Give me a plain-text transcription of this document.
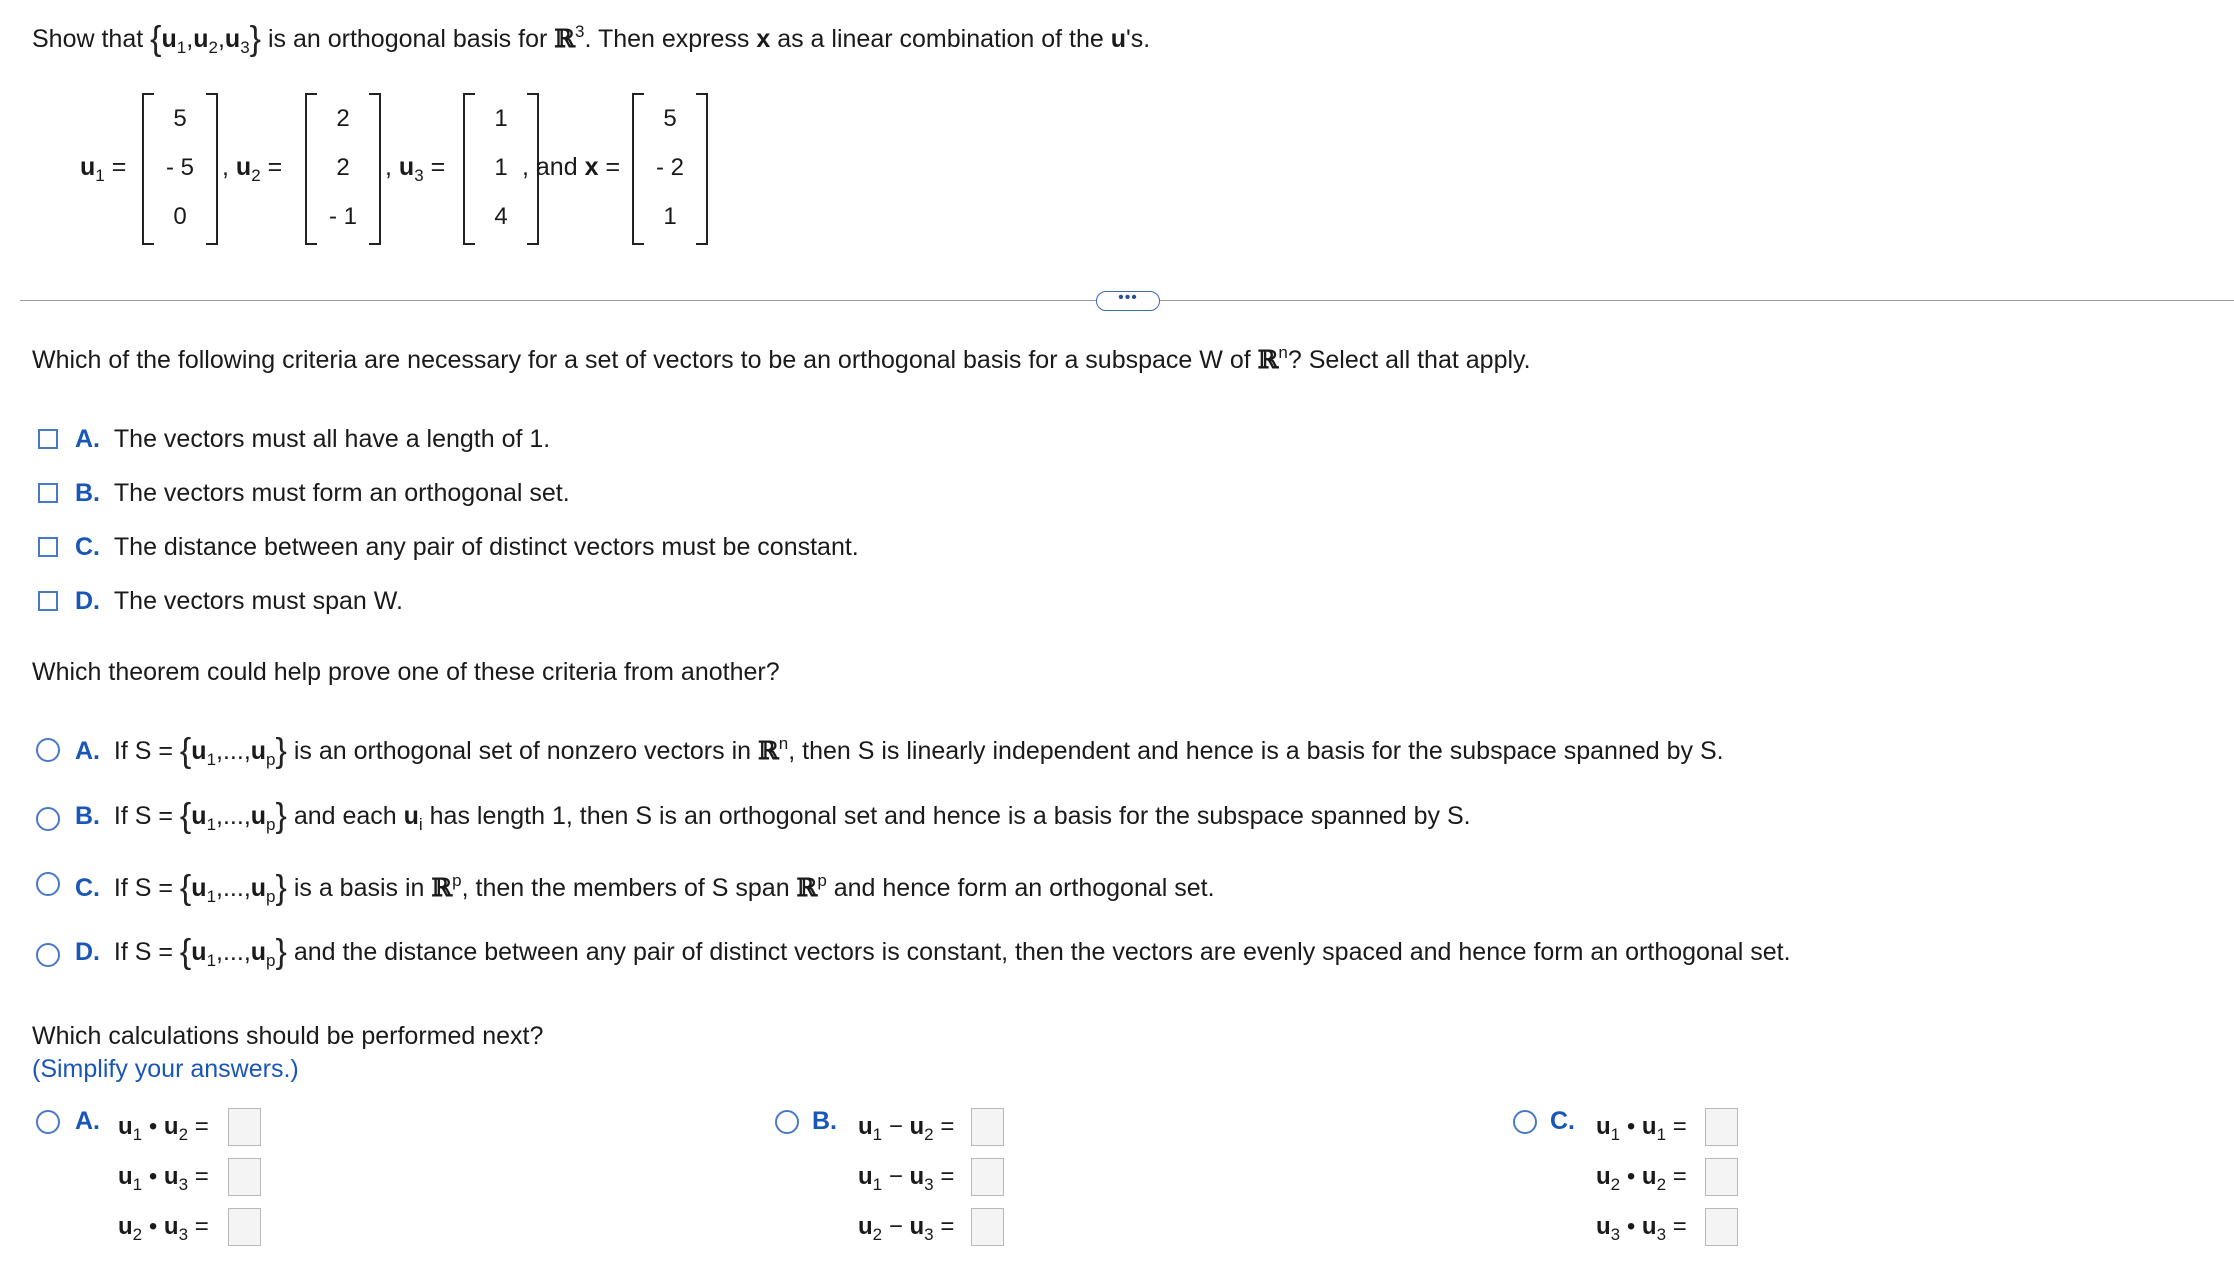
Show that $\{u_1,u_2,u_3\}$ is an orthogonal basis for ℝ$^3$. Then express x as a linear combination of the u's.
$u_1$ =
5
- 5
0
, $u_2$ =
2
2
- 1
, $u_3$ =
1
1
4
, and x =
5
- 2
1
•••
Which of the following criteria are necessary for a set of vectors to be an orthogonal basis for a subspace W of ℝ$^n$? Select all that apply.
A. The vectors must all have a length of 1.
B. The vectors must form an orthogonal set.
C. The distance between any pair of distinct vectors must be constant.
D. The vectors must span W.
Which theorem could help prove one of these criteria from another?
A. If $S = \{u_1,...,u_p\}$ is an orthogonal set of nonzero vectors in ℝ$^n$, then S is linearly independent and hence is a basis for the subspace spanned by S.
B. If $S = \{u_1,...,u_p\}$ and each $u_i$ has length 1, then S is an orthogonal set and hence is a basis for the subspace spanned by S.
C. If $S = \{u_1,...,u_p\}$ is a basis in ℝ$^p$, then the members of S span ℝ$^p$ and hence form an orthogonal set.
D. If $S = \{u_1,...,u_p\}$ and the distance between any pair of distinct vectors is constant, then the vectors are evenly spaced and hence form an orthogonal set.
Which calculations should be performed next?
(Simplify your answers.)
A. $u_1$ • $u_2$ =
$u_1$ • $u_3$ =
$u_2$ • $u_3$ =
B. $u_1 - u_2$ =
$u_1 - u_3$ =
$u_2 - u_3$ =
C. $u_1$ • $u_1$ =
$u_2$ • $u_2$ =
$u_3$ • $u_3$ =
